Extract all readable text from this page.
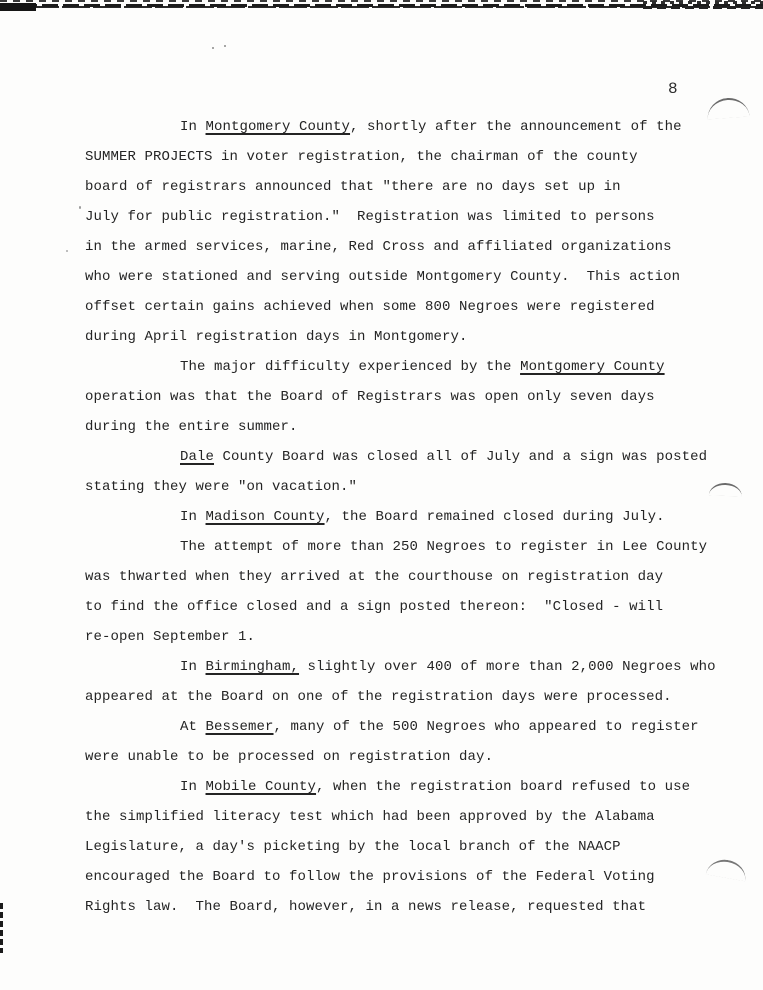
8
In Montgomery County, shortly after the announcement of the
SUMMER PROJECTS in voter registration, the chairman of the county
board of registrars announced that "there are no days set up in
July for public registration."  Registration was limited to persons
in the armed services, marine, Red Cross and affiliated organizations
who were stationed and serving outside Montgomery County.  This action
offset certain gains achieved when some 800 Negroes were registered
during April registration days in Montgomery.
The major difficulty experienced by the Montgomery County
operation was that the Board of Registrars was open only seven days
during the entire summer.
Dale County Board was closed all of July and a sign was posted
stating they were "on vacation."
In Madison County, the Board remained closed during July.
The attempt of more than 250 Negroes to register in Lee County
was thwarted when they arrived at the courthouse on registration day
to find the office closed and a sign posted thereon:  "Closed - will
re-open September 1.
In Birmingham, slightly over 400 of more than 2,000 Negroes who
appeared at the Board on one of the registration days were processed.
At Bessemer, many of the 500 Negroes who appeared to register
were unable to be processed on registration day.
In Mobile County, when the registration board refused to use
the simplified literacy test which had been approved by the Alabama
Legislature, a day's picketing by the local branch of the NAACP
encouraged the Board to follow the provisions of the Federal Voting
Rights law.  The Board, however, in a news release, requested that
